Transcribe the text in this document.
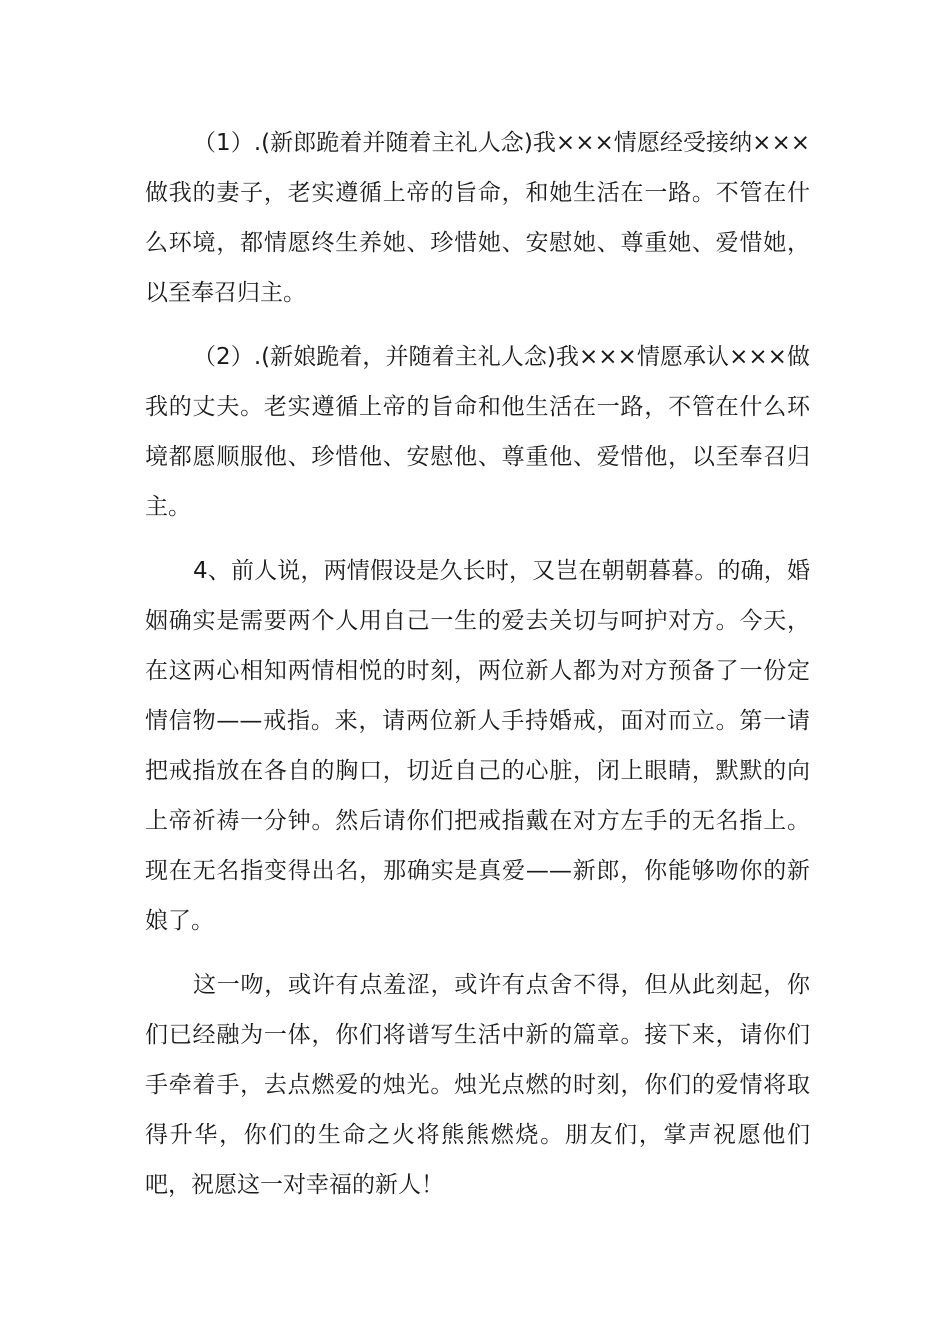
（1）.(新郎跪着并随着主礼人念)我×××情愿经受接纳×××做我的妻子，老实遵循上帝的旨命，和她生活在一路。不管在什么环境，都情愿终生养她、珍惜她、安慰她、尊重她、爱惜她，以至奉召归主。

（2）.(新娘跪着，并随着主礼人念)我×××情愿承认×××做我的丈夫。老实遵循上帝的旨命和他生活在一路，不管在什么环境都愿顺服他、珍惜他、安慰他、尊重他、爱惜他，以至奉召归主。

4、前人说，两情假设是久长时，又岂在朝朝暮暮。的确，婚姻确实是需要两个人用自己一生的爱去关切与呵护对方。今天，在这两心相知两情相悦的时刻，两位新人都为对方预备了一份定情信物——戒指。来，请两位新人手持婚戒，面对而立。第一请把戒指放在各自的胸口，切近自己的心脏，闭上眼睛，默默的向上帝祈祷一分钟。然后请你们把戒指戴在对方左手的无名指上。现在无名指变得出名，那确实是真爱——新郎，你能够吻你的新娘了。

这一吻，或许有点羞涩，或许有点舍不得，但从此刻起，你们已经融为一体，你们将谱写生活中新的篇章。接下来，请你们手牵着手，去点燃爱的烛光。烛光点燃的时刻，你们的爱情将取得升华，你们的生命之火将熊熊燃烧。朋友们，掌声祝愿他们吧，祝愿这一对幸福的新人！
